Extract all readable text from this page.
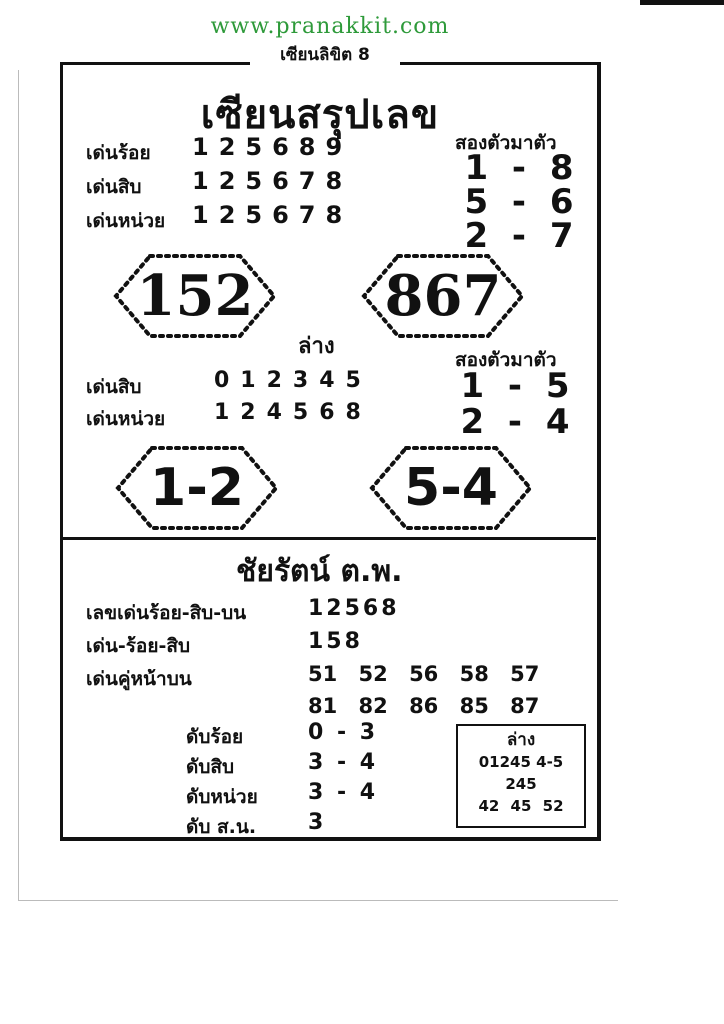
www.pranakkit.com
เซียนลิขิต 8
เซียนสรุปเลข
เด่นร้อย 125689
เด่นสิบ 125678
เด่นหน่วย 125678
สองตัวมาตัว
1 - 8
5 - 6
2 - 7
152	867
ล่าง
เด่นสิบ	012345
เด่นหน่วย 124568
สองตัวมาตัว
1 - 5
2 - 4
1-2	5-4
ชัยรัตน์ ต.พ.
เลขเด่นร้อย-สิบ-บน	12568
เด่น-ร้อย-สิบ	158
เด่นคู่หน้าบน	51 52 56 58 57
81 82 86 85 87
ดับร้อย	0 - 3
ดับสิบ	3 - 4
ดับหน่วย 3 - 4
ดับ ส.น. 3
ล่าง
01245 4-5
245
42 45 52
